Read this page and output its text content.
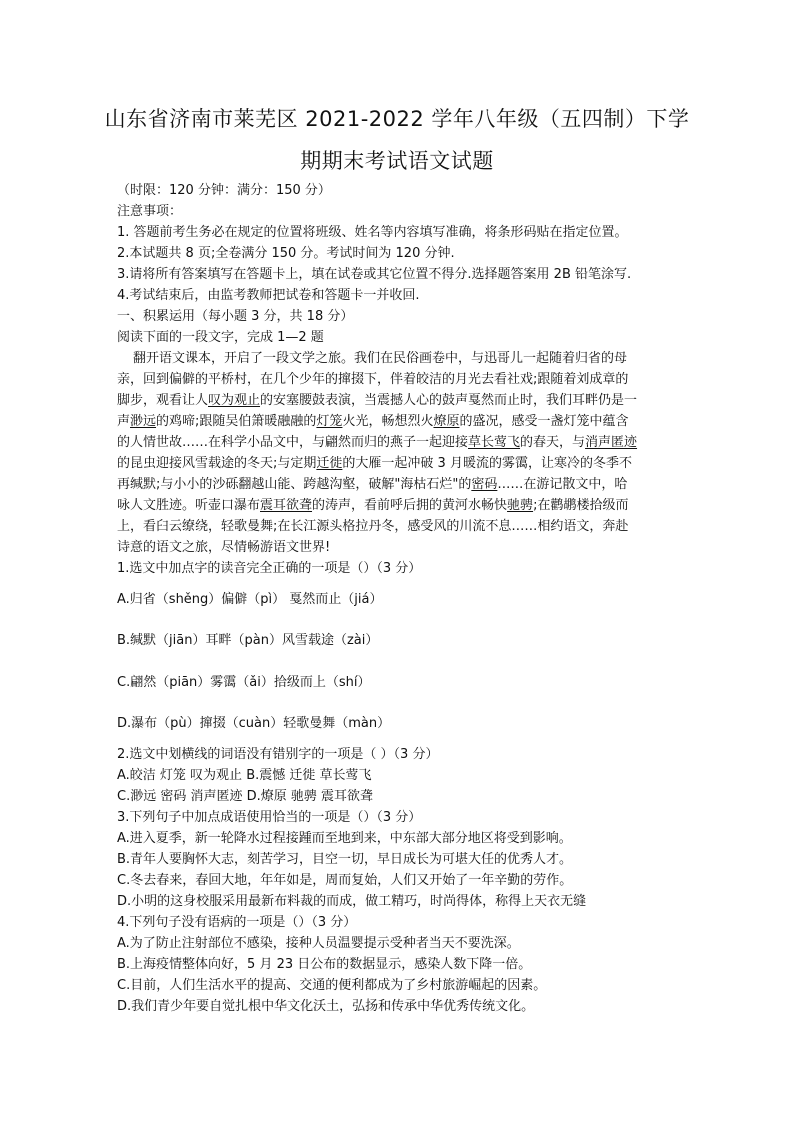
山东省济南市莱芜区 2021-2022 学年八年级（五四制）下学
期期末考试语文试题
（时限：120 分钟：满分：150 分）
注意事项：
1. 答题前考生务必在规定的位置将班级、姓名等内容填写准确，将条形码贴在指定位置。
2.本试题共 8 页;全卷满分 150 分。考试时间为 120 分钟.
3.请将所有答案填写在答题卡上，填在试卷或其它位置不得分.选择题答案用 2B 铅笔涂写.
4.考试结束后，由监考教师把试卷和答题卡一并收回.
一、积累运用（每小题 3 分，共 18 分）
阅读下面的一段文字，完成 1—2 题
翻开语文课本，开启了一段文学之旅。我们在民俗画卷中，与迅哥儿一起随着归省的母
亲，回到偏僻的平桥村，在几个少年的撺掇下，伴着皎洁的月光去看社戏;跟随着刘成章的
脚步，观看让人叹为观止的安塞腰鼓表演，当震撼人心的鼓声戛然而止时，我们耳畔仍是一
声渺远的鸡啼;跟随吴伯箫暖融融的灯笼火光，畅想烈火燎原的盛况，感受一盏灯笼中蕴含
的人情世故……在科学小品文中，与翩然而归的燕子一起迎接草长莺飞的春天，与消声匿迹
的昆虫迎接风雪载途的冬天;与定期迁徙的大雁一起冲破 3 月暖流的雾霭，让寒冷的冬季不
再缄默;与小小的沙砾翻越山能、跨越沟壑，破解"海枯石烂"的密码……在游记散文中，哈
咏人文胜迹。听壶口瀑布震耳欲聋的涛声，看前呼后拥的黄河水畅快驰骋;在鹳鹕楼拾级而
上，看臼云缭绕，轻歌曼舞;在长江源头格拉丹冬，感受风的川流不息……相约语文，奔赴
诗意的语文之旅，尽情畅游语文世界!
1.选文中加点字的读音完全正确的一项是（）（3 分）
A.归省（shěng）偏僻（pì） 戛然而止（jiá）
B.缄默（jiān）耳畔（pàn）风雪载途（zài）
C.翩然（piān）雾霭（ǎi）拾级而上（shí）
D.瀑布（pù）撺掇（cuàn）轻歌曼舞（màn）
2.选文中划横线的词语没有错别字的一项是（ ）（3 分）
A.皎洁 灯笼 叹为观止 B.震憾 迁徙 草长莺飞
C.渺远 密码 消声匿迹 D.燎原 驰骋 震耳欲聋
3.下列句子中加点成语使用恰当的一项是（）（3 分）
A.进入夏季，新一轮降水过程接踵而至地到来，中东部大部分地区将受到影响。
B.青年人要胸怀大志，刻苦学习，目空一切，早日成长为可堪大任的优秀人才。
C.冬去春来，春回大地，年年如是，周而复始，人们又开始了一年辛勤的劳作。
D.小明的这身校服采用最新布料裁的而成，做工精巧，时尚得体，称得上天衣无缝
4.下列句子没有语病的一项是（）（3 分）
A.为了防止注射部位不感染，接种人员温婴提示受种者当天不要洗深。
B.上海疫情整体向好，5 月 23 日公布的数据显示，感染人数下降一倍。
C.目前，人们生活水平的提高、交通的便利都成为了乡村旅游崛起的因素。
D.我们青少年要自觉扎根中华文化沃土，弘扬和传承中华优秀传统文化。
